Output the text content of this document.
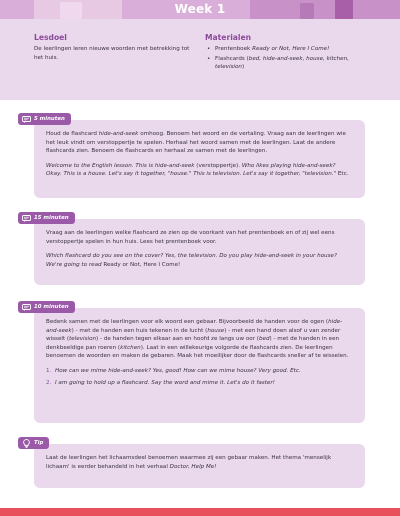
Week 1
Lesdoel
De leerlingen leren nieuwe woorden met betrekking tot het huis.
Materialen
• Prentenboek Ready or Not, Here I Come!
• Flashcards (bed, hide-and-seek, house, kitchen, television)
5 minuten

Houd de flashcard hide-and-seek omhoog. Benoem het woord en de vertaling. Vraag aan de leerlingen wie het leuk vindt om verstoppertje te spelen. Herhaal het woord samen met de leerlingen. Laat de andere flashcards zien. Benoem de flashcards en herhaal ze samen met de leerlingen.

Welcome to the English lesson. This is hide-and-seek (verstoppertje). Who likes playing hide-and-seek? Okay. This is a house. Let's say it together, "house." This is television. Let's say it together, "television." Etc.

15 minuten

Vraag aan de leerlingen welke flashcard ze zien op de voorkant van het prentenboek en of zij wel eens verstoppertje spelen in hun huis. Lees het prentenboek voor.

Which flashcard do you see on the cover? Yes, the television. Do you play hide-and-seek in your house? We're going to read Ready or Not, Here I Come!

10 minuten

Bedenk samen met de leerlingen voor elk woord een gebaar. Bijvoorbeeld de handen voor de ogen (hide-and-seek) - met de handen een huis tekenen in de lucht (house) - met een hand doen alsof u van zender wisselt (television) - de handen tegen elkaar aan en hoofd ze langs uw oor (bed) - met de handen in een denkbeeldige pan roeren (kitchen). Laat in een willekeurige volgorde de flashcards zien. De leerlingen benoemen de woorden en maken de gebaren. Maak het moeilijker door de flashcards sneller af te wisselen.

1. How can we mime hide-and-seek? Yes, good! How can we mime house? Very good. Etc.
2. I am going to hold up a flashcard. Say the word and mime it. Let's do it faster!
Tip

Laat de leerlingen het lichaamsdeel benoemen waarmee zij een gebaar maken. Het thema 'menselijk lichaam' is eerder behandeld in het verhaal Doctor, Help Me!
